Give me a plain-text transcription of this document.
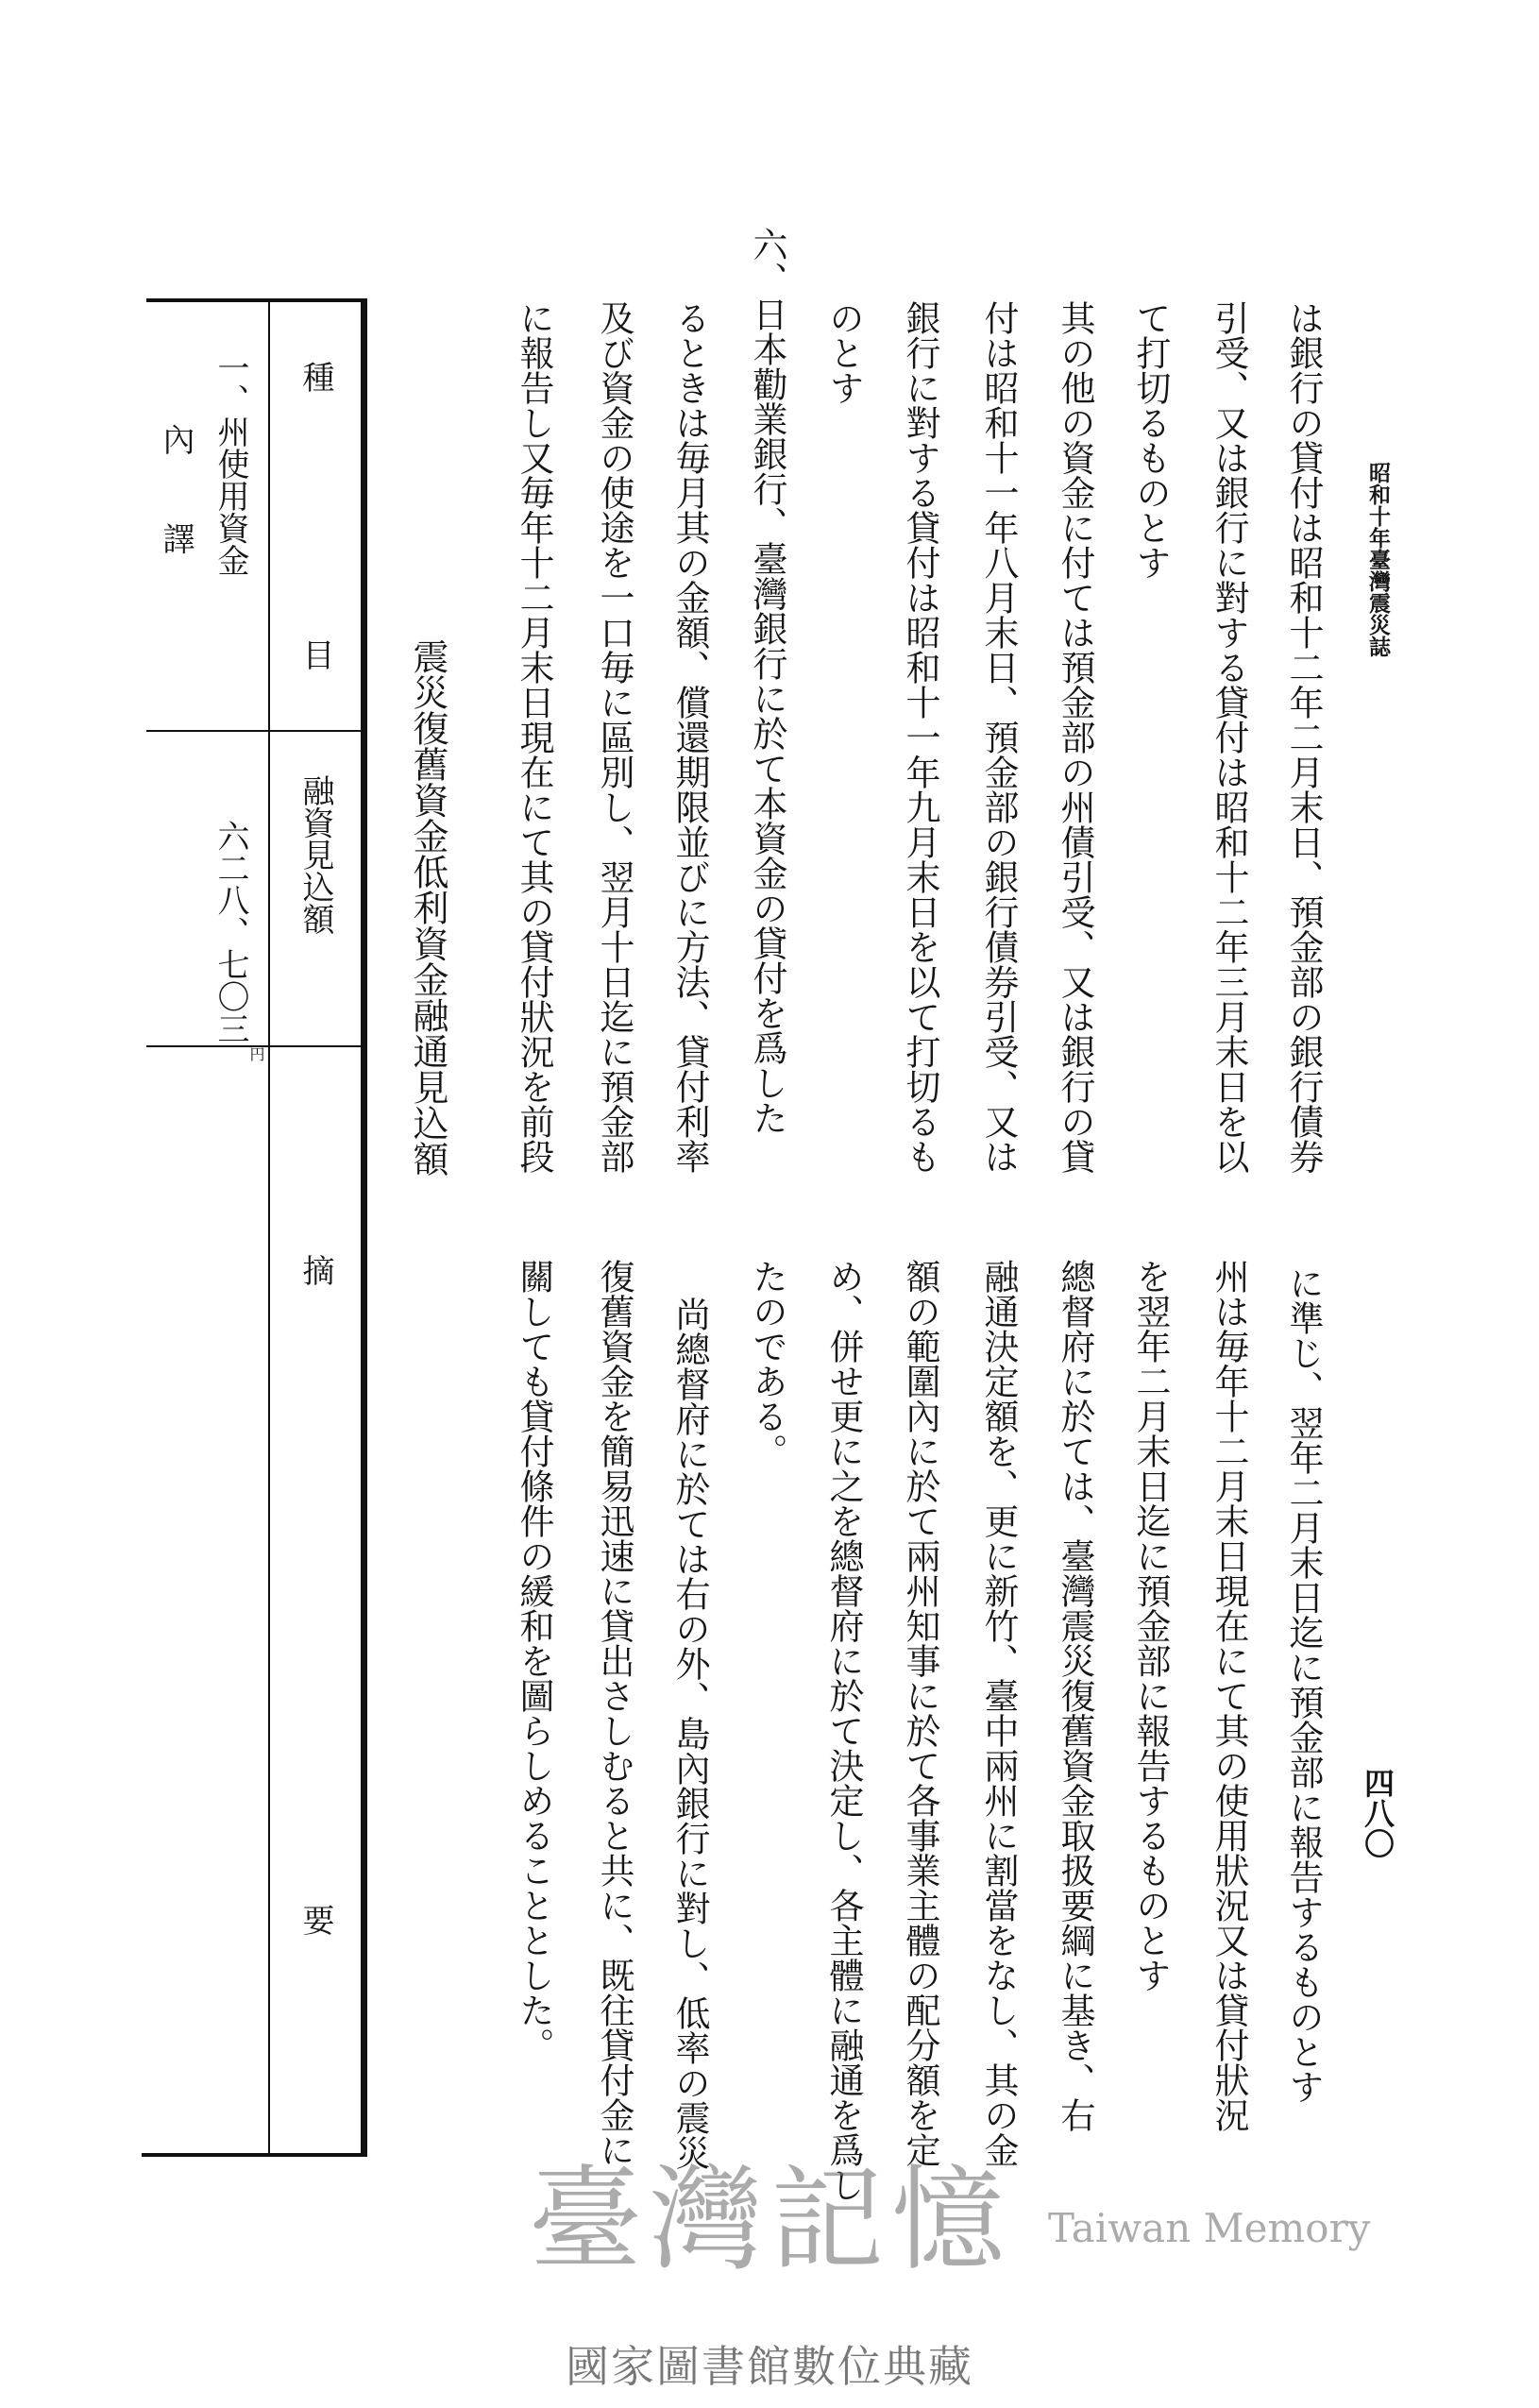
昭和十年臺灣震災誌
四八〇
は銀行の貸付は昭和十二年二月末日、預金部の銀行債券
引受、又は銀行に對する貸付は昭和十二年三月末日を以
て打切るものとす
其の他の資金に付ては預金部の州債引受、又は銀行の貸
付は昭和十一年八月末日、預金部の銀行債券引受、又は
銀行に對する貸付は昭和十一年九月末日を以て打切るも
のとす
六、日本勸業銀行、臺灣銀行に於て本資金の貸付を爲した
るときは毎月其の金額、償還期限並びに方法、貸付利率
及び資金の使途を一口毎に區別し、翌月十日迄に預金部
に報告し又毎年十二月末日現在にて其の貸付狀況を前段
に準じ、翌年二月末日迄に預金部に報告するものとす
州は毎年十二月末日現在にて其の使用狀況又は貸付狀況
を翌年二月末日迄に預金部に報告するものとす
總督府に於ては、臺灣震災復舊資金取扱要綱に基き、右
融通決定額を、更に新竹、臺中兩州に割當をなし、其の金
額の範圍內に於て兩州知事に於て各事業主體の配分額を定
め、併せ更に之を總督府に於て決定し、各主體に融通を爲し
たのである。
尚總督府に於ては右の外、島內銀行に對し、低率の震災
復舊資金を簡易迅速に貸出さしむると共に、既往貸付金に
關しても貸付條件の緩和を圖らしめることとした。
震災復舊資金低利資金融通見込額
種
目
融資見込額
摘
要
一、州使用資金
內
譯
六二八、七〇三
円
臺灣記憶 Taiwan Memory
國家圖書館數位典藏
